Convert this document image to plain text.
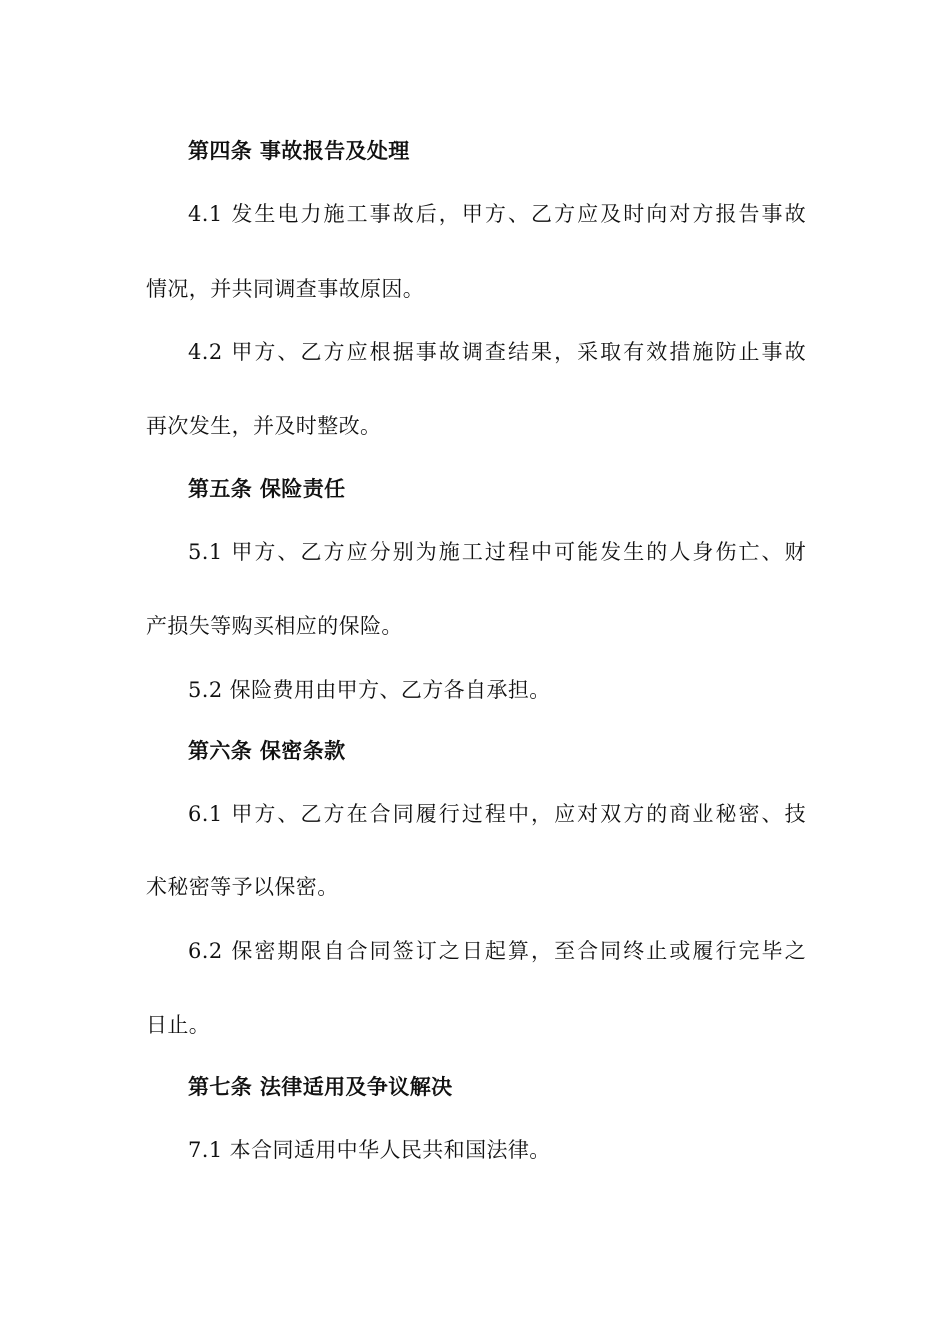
第四条 事故报告及处理
4.1 发生电力施工事故后，甲方、乙方应及时向对方报告事故
情况，并共同调查事故原因。
4.2 甲方、乙方应根据事故调查结果，采取有效措施防止事故
再次发生，并及时整改。
第五条 保险责任
5.1 甲方、乙方应分别为施工过程中可能发生的人身伤亡、财
产损失等购买相应的保险。
5.2 保险费用由甲方、乙方各自承担。
第六条 保密条款
6.1 甲方、乙方在合同履行过程中，应对双方的商业秘密、技
术秘密等予以保密。
6.2 保密期限自合同签订之日起算，至合同终止或履行完毕之
日止。
第七条 法律适用及争议解决
7.1 本合同适用中华人民共和国法律。
